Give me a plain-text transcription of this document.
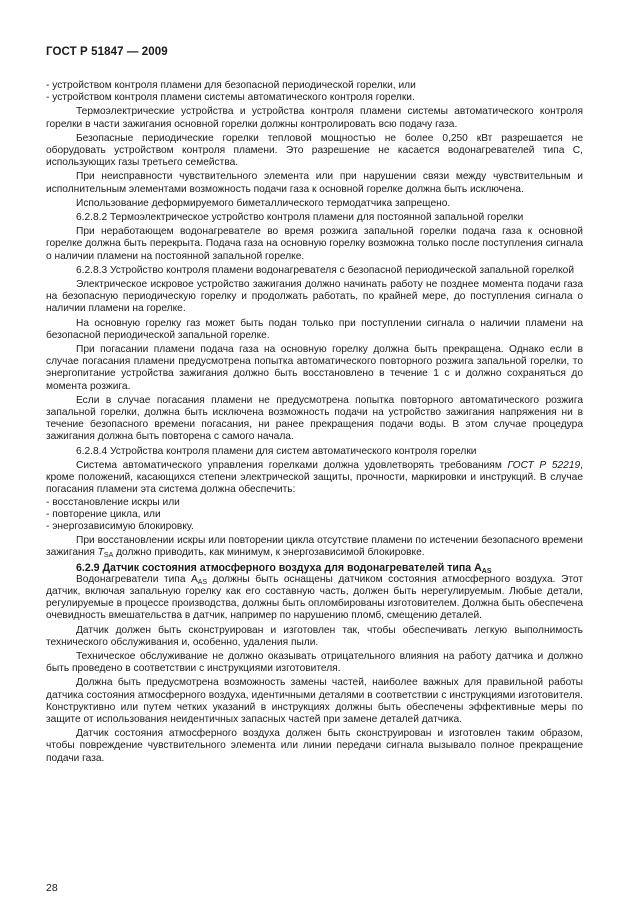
ГОСТ Р 51847 — 2009

- устройством контроля пламени для безопасной периодической горелки, или

- устройством контроля пламени системы автоматического контроля горелки.

Термоэлектрические устройства и устройства контроля пламени системы автоматического контроля горелки в части зажигания основной горелки должны контролировать всю подачу газа.

Безопасные периодические горелки тепловой мощностью не более 0,250 кВт разрешается не оборудовать устройством контроля пламени. Это разрешение не касается водонагревателей типа С, использующих газы третьего семейства.

При неисправности чувствительного элемента или при нарушении связи между чувствительным и исполнительным элементами возможность подачи газа к основной горелке должна быть исключена.

Использование деформируемого биметаллического термодатчика запрещено.

6.2.8.2 Термоэлектрическое устройство контроля пламени для постоянной запальной горелки

При неработающем водонагревателе во время розжига запальной горелки подача газа к основной горелке должна быть перекрыта. Подача газа на основную горелку возможна только после поступления сигнала о наличии пламени на постоянной запальной горелке.

6.2.8.3 Устройство контроля пламени водонагревателя с безопасной периодической запальной горелкой

Электрическое искровое устройство зажигания должно начинать работу не позднее момента подачи газа на безопасную периодическую горелку и продолжать работать, по крайней мере, до поступления сигнала о наличии пламени на горелке.

На основную горелку газ может быть подан только при поступлении сигнала о наличии пламени на безопасной периодической запальной горелке.

При погасании пламени подача газа на основную горелку должна быть прекращена. Однако если в случае погасания пламени предусмотрена попытка автоматического повторного розжига запальной горелки, то энергопитание устройства зажигания должно быть восстановлено в течение 1 с и должно сохраняться до момента розжига.

Если в случае погасания пламени не предусмотрена попытка повторного автоматического розжига запальной горелки, должна быть исключена возможность подачи на устройство зажигания напряжения ни в течение безопасного времени погасания, ни ранее прекращения подачи воды. В этом случае процедура зажигания должна быть повторена с самого начала.

6.2.8.4 Устройства контроля пламени для систем автоматического контроля горелки

Система автоматического управления горелками должна удовлетворять требованиям ГОСТ Р 52219, кроме положений, касающихся степени электрической защиты, прочности, маркировки и инструкций. В случае погасания пламени эта система должна обеспечить:

- восстановление искры или

- повторение цикла, или

- энергозависимую блокировку.

При восстановлении искры или повторении цикла отсутствие пламени по истечении безопасного времени зажигания $T_{SA}$ должно приводить, как минимум, к энергозависимой блокировке.

6.2.9 Датчик состояния атмосферного воздуха для водонагревателей типа $A_{AS}$

Водонагреватели типа $A_{AS}$ должны быть оснащены датчиком состояния атмосферного воздуха. Этот датчик, включая запальную горелку как его составную часть, должен быть нерегулируемым. Любые детали, регулируемые в процессе производства, должны быть опломбированы изготовителем. Должна быть обеспечена очевидность вмешательства в датчик, например по нарушению пломб, смещению деталей.

Датчик должен быть сконструирован и изготовлен так, чтобы обеспечивать легкую выполнимость технического обслуживания и, особенно, удаления пыли.

Техническое обслуживание не должно оказывать отрицательного влияния на работу датчика и должно быть проведено в соответствии с инструкциями изготовителя.

Должна быть предусмотрена возможность замены частей, наиболее важных для правильной работы датчика состояния атмосферного воздуха, идентичными деталями в соответствии с инструкциями изготовителя. Конструктивно или путем четких указаний в инструкциях должны быть обеспечены эффективные меры по защите от использования неидентичных запасных частей при замене деталей датчика.

Датчик состояния атмосферного воздуха должен быть сконструирован и изготовлен таким образом, чтобы повреждение чувствительного элемента или линии передачи сигнала вызывало полное прекращение подачи газа.

28
